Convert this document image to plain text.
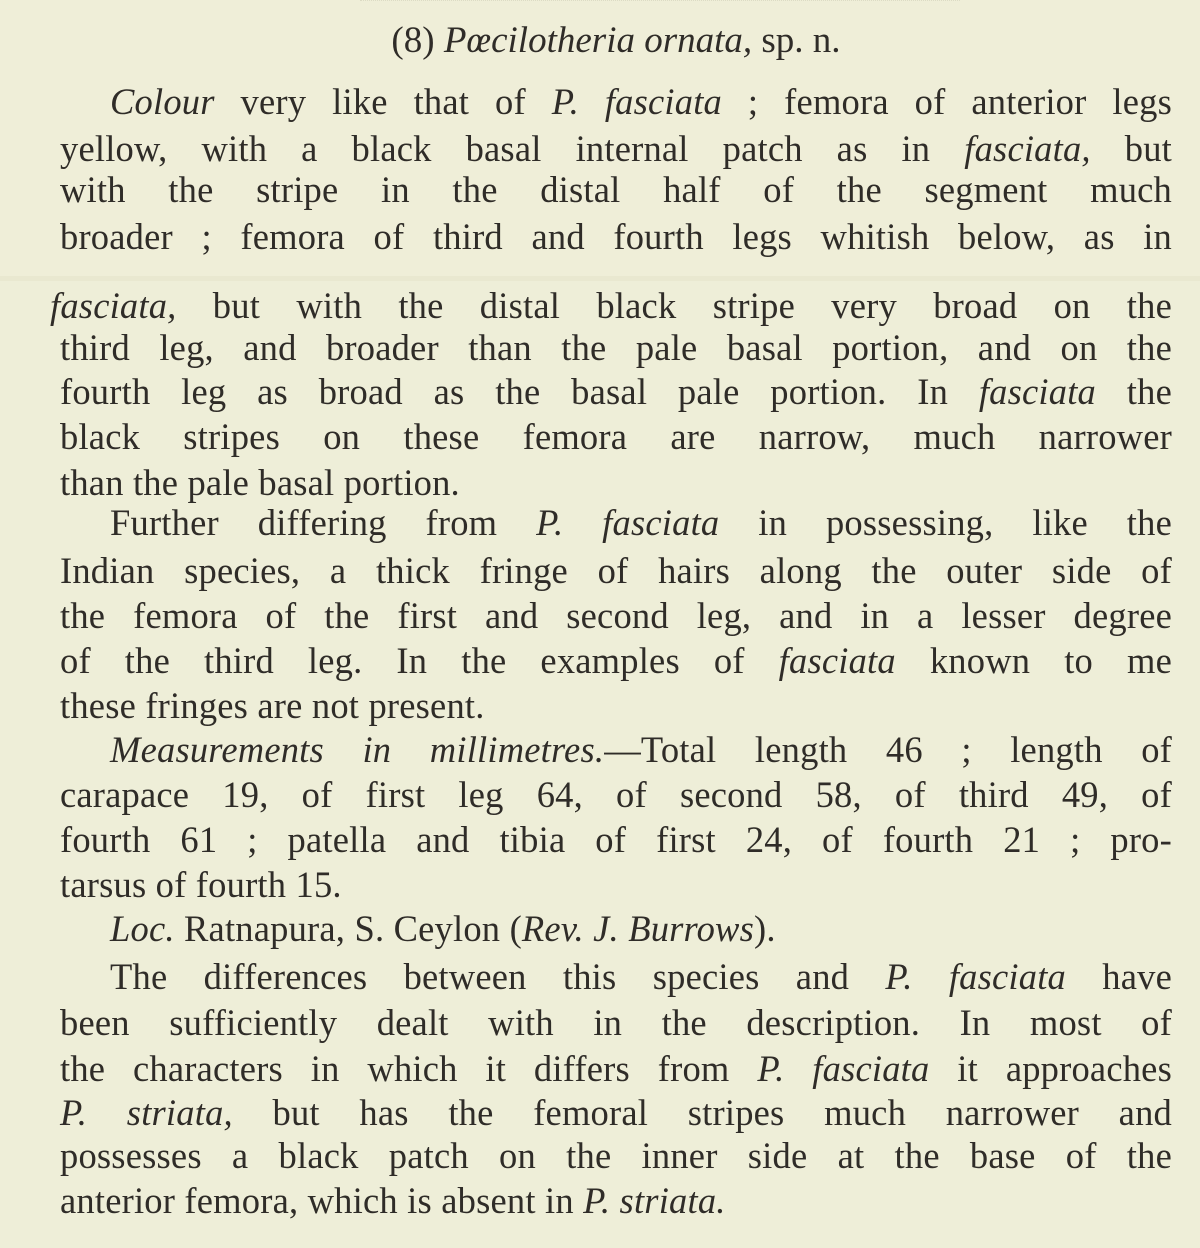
(8) Pœcilotheria ornata, sp. n.
Colour very like that of P. fasciata ; femora of anterior legs
yellow, with a black basal internal patch as in fasciata, but
with the stripe in the distal half of the segment much
broader ; femora of third and fourth legs whitish below, as in
fasciata, but with the distal black stripe very broad on the
third leg, and broader than the pale basal portion, and on the
fourth leg as broad as the basal pale portion. In fasciata the
black stripes on these femora are narrow, much narrower
than the pale basal portion.
Further differing from P. fasciata in possessing, like the
Indian species, a thick fringe of hairs along the outer side of
the femora of the first and second leg, and in a lesser degree
of the third leg. In the examples of fasciata known to me
these fringes are not present.
Measurements in millimetres.—Total length 46 ; length of
carapace 19, of first leg 64, of second 58, of third 49, of
fourth 61 ; patella and tibia of first 24, of fourth 21 ; pro-
tarsus of fourth 15.
Loc. Ratnapura, S. Ceylon (Rev. J. Burrows).
The differences between this species and P. fasciata have
been sufficiently dealt with in the description. In most of
the characters in which it differs from P. fasciata it approaches
P. striata, but has the femoral stripes much narrower and
possesses a black patch on the inner side at the base of the
anterior femora, which is absent in P. striata.
